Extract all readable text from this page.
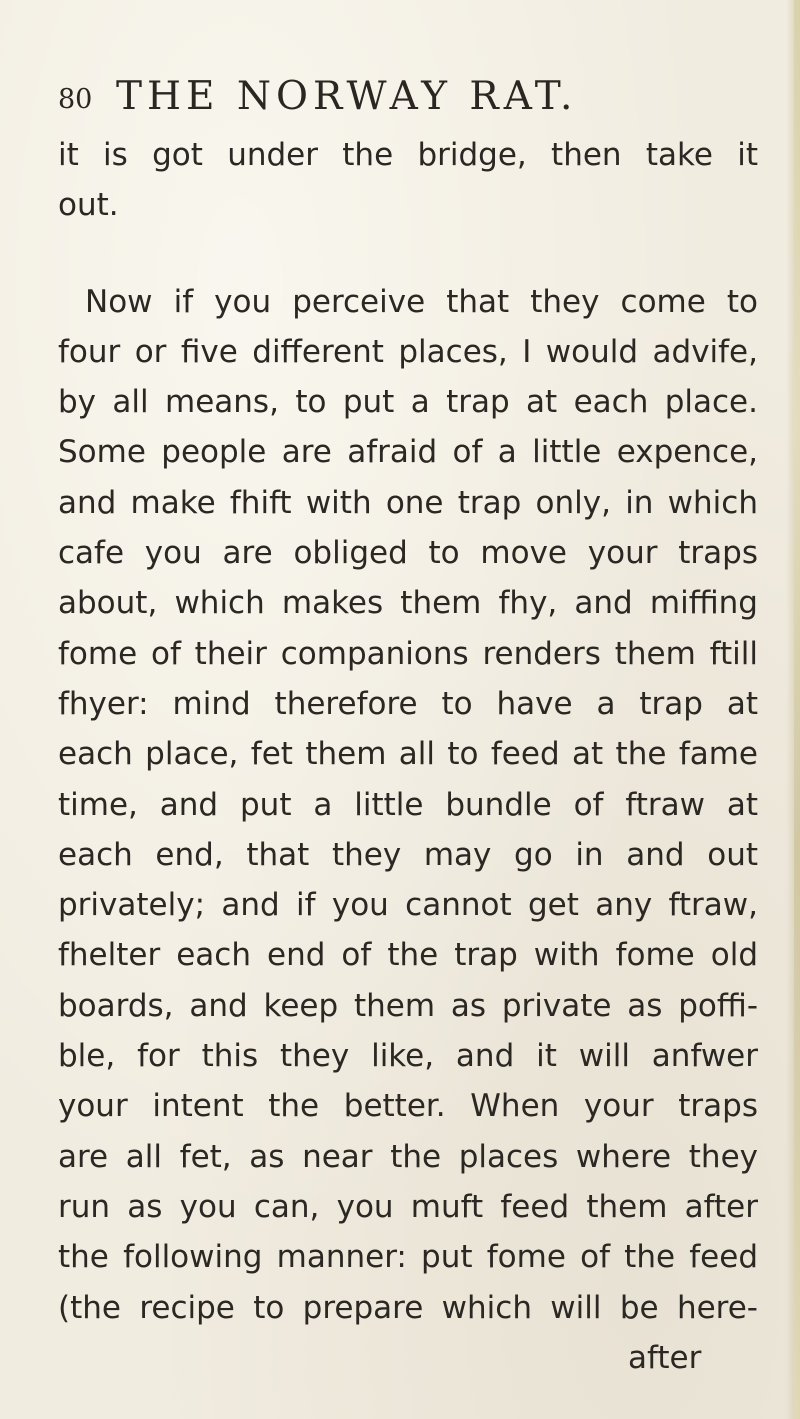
80 THE NORWAY RAT.
it is got under the bridge, then take it
out.
Now if you perceive that they come to
four or five different places, I would advife,
by all means, to put a trap at each place.
Some people are afraid of a little expence,
and make fhift with one trap only, in which
cafe you are obliged to move your traps
about, which makes them fhy, and miffing
fome of their companions renders them ftill
fhyer: mind therefore to have a trap at
each place, fet them all to feed at the fame
time, and put a little bundle of ftraw at
each end, that they may go in and out
privately; and if you cannot get any ftraw,
fhelter each end of the trap with fome old
boards, and keep them as private as poffi-
ble, for this they like, and it will anfwer
your intent the better. When your traps
are all fet, as near the places where they
run as you can, you muft feed them after
the following manner: put fome of the feed
(the recipe to prepare which will be here-
after
